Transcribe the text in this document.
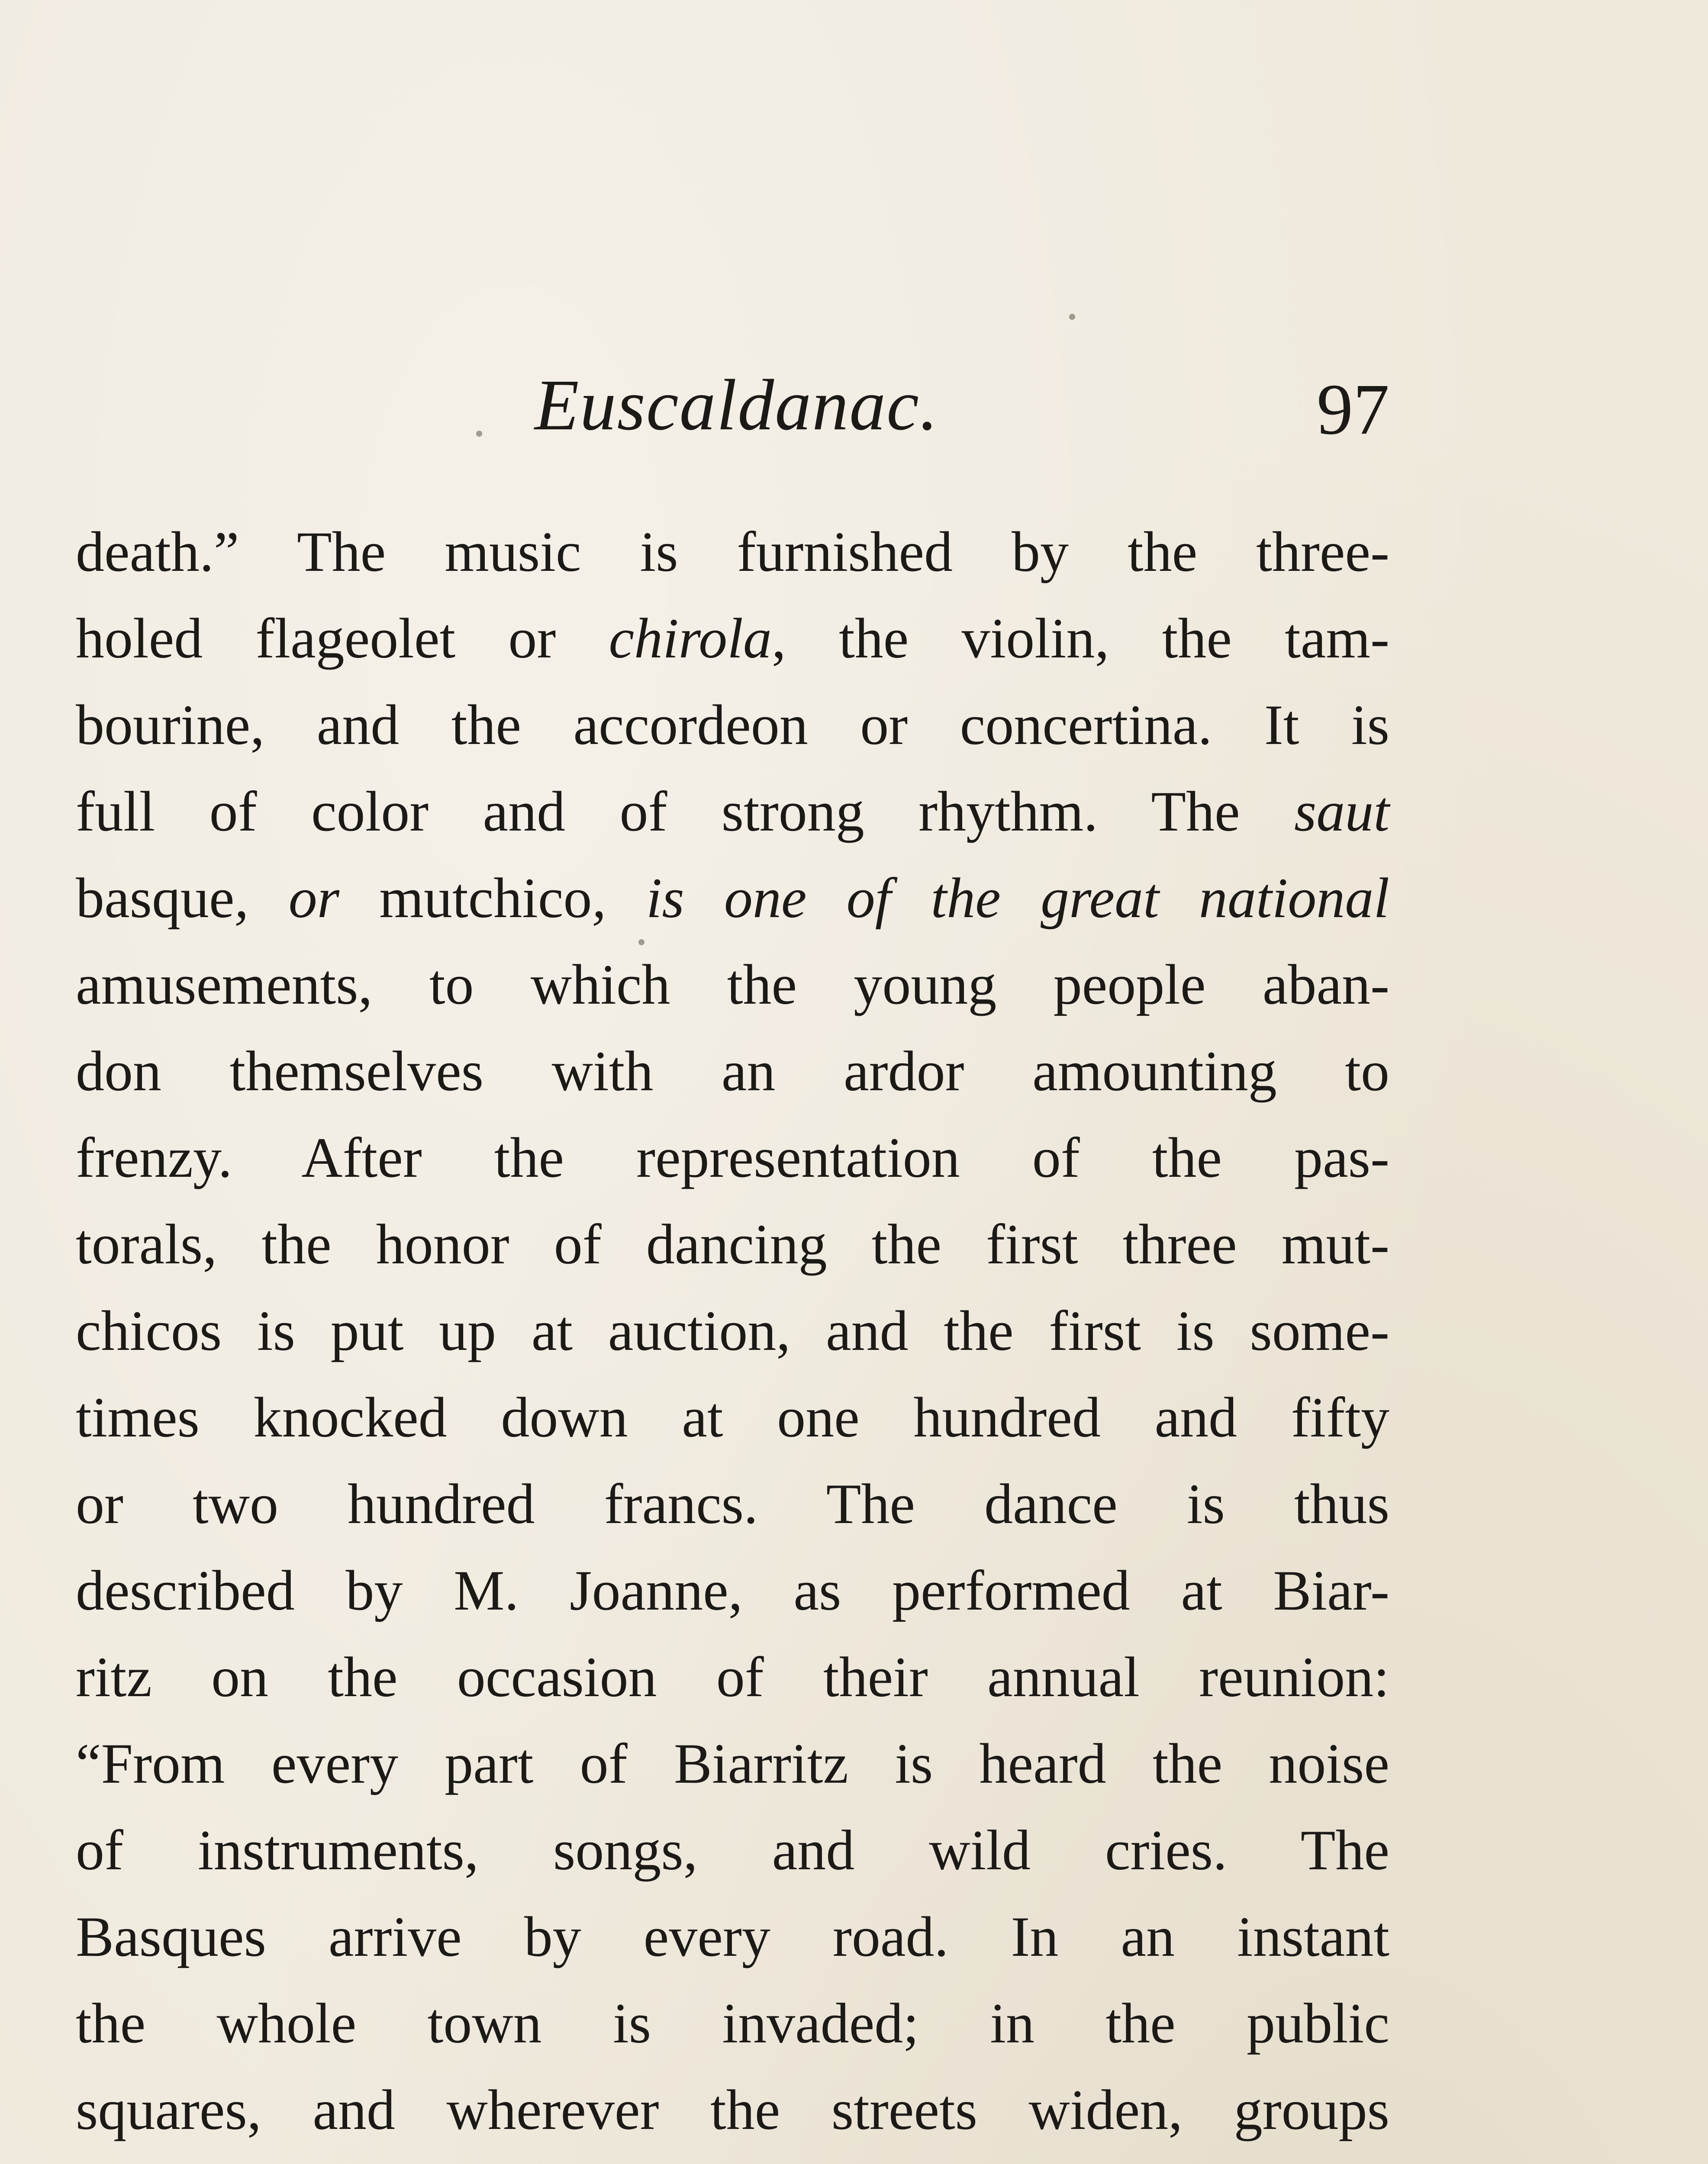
Euscaldanac.	97
death.” The music is furnished by the three-
holed flageolet or chirola, the violin, the tam-
bourine, and the accordeon or concertina. It is
full of color and of strong rhythm. The saut
basque, or mutchico, is one of the great national
amusements, to which the young people aban-
don themselves with an ardor amounting to
frenzy. After the representation of the pas-
torals, the honor of dancing the first three mut-
chicos is put up at auction, and the first is some-
times knocked down at one hundred and fifty
or two hundred francs. The dance is thus
described by M. Joanne, as performed at Biar-
ritz on the occasion of their annual reunion:
“From every part of Biarritz is heard the noise
of instruments, songs, and wild cries. The
Basques arrive by every road. In an instant
the whole town is invaded; in the public
squares, and wherever the streets widen, groups
